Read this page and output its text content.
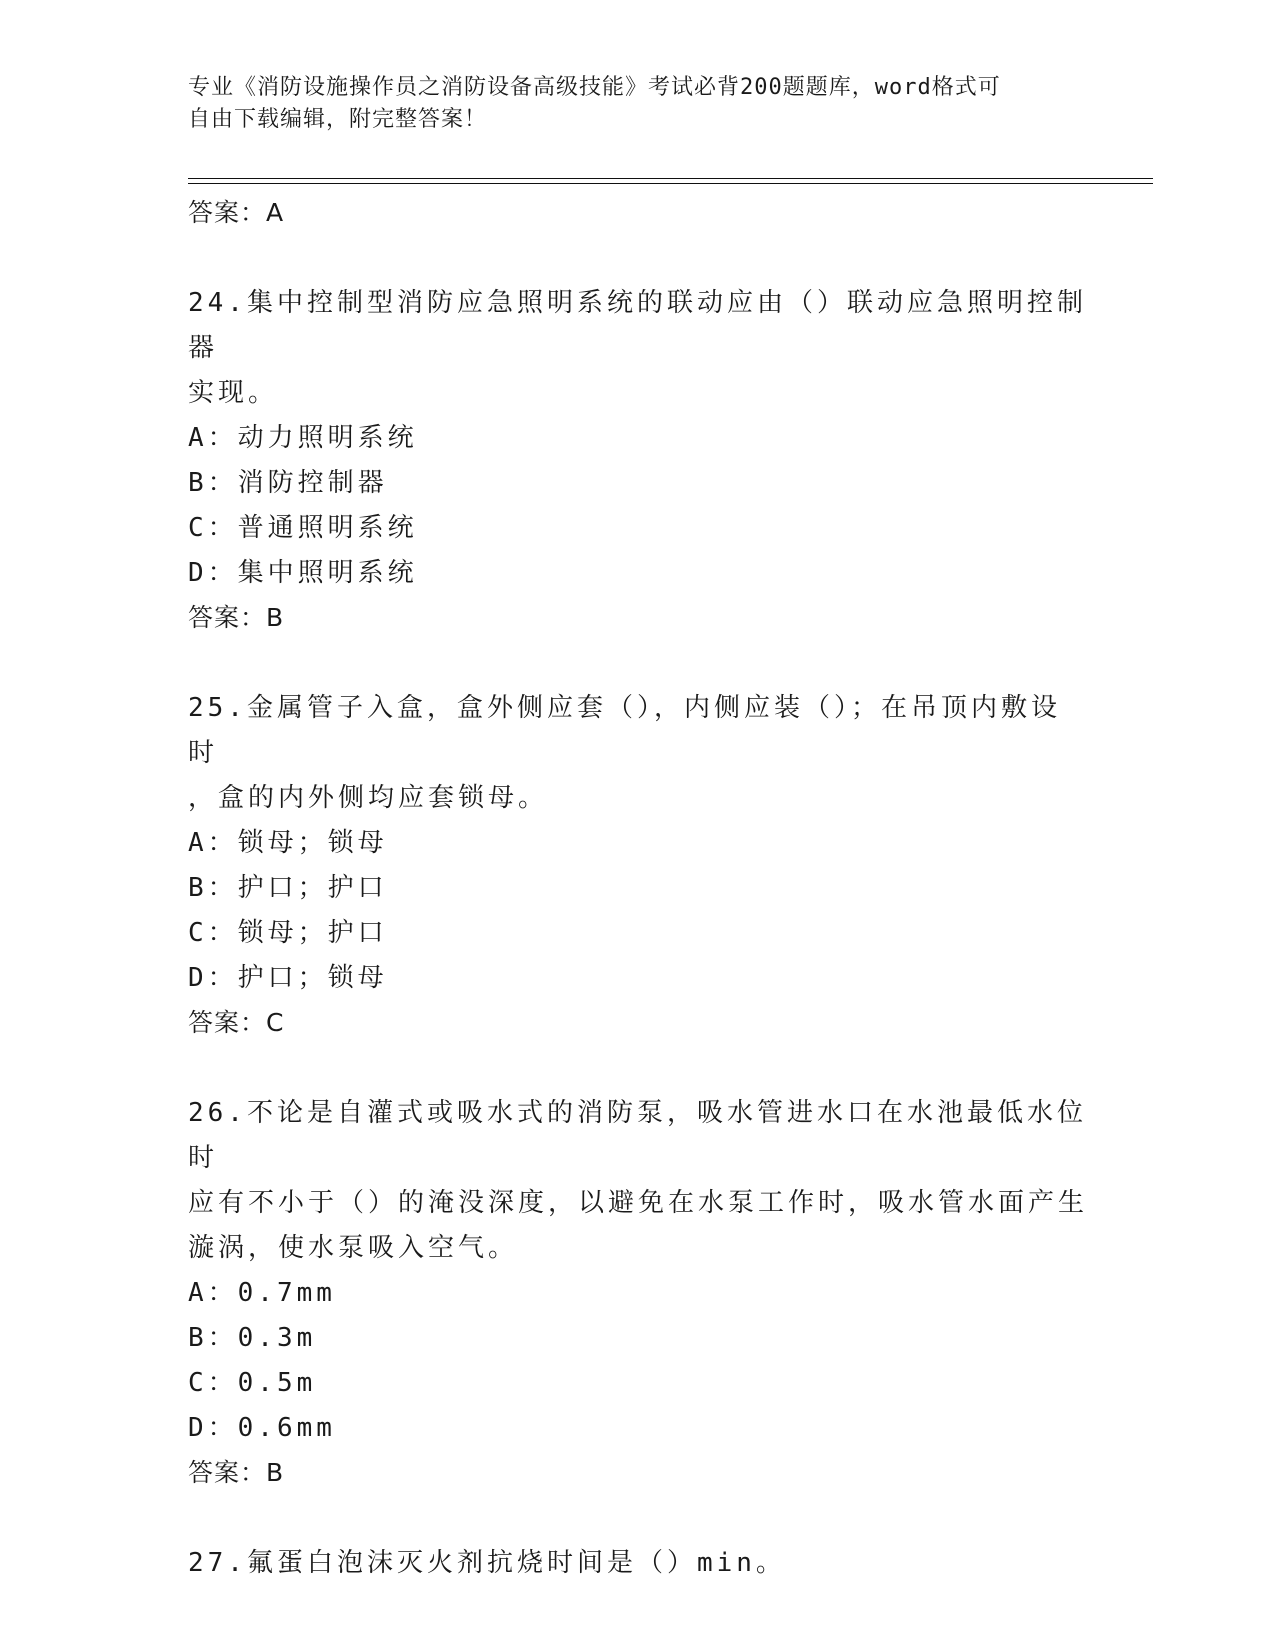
专业《消防设施操作员之消防设备高级技能》考试必背200题题库，word格式可
自由下载编辑，附完整答案！
答案：A
24.集中控制型消防应急照明系统的联动应由（）联动应急照明控制器
实现。
A：动力照明系统
B：消防控制器
C：普通照明系统
D：集中照明系统
答案：B
25.金属管子入盒，盒外侧应套（），内侧应装（）；在吊顶内敷设时
，盒的内外侧均应套锁母。
A：锁母；锁母
B：护口；护口
C：锁母；护口
D：护口；锁母
答案：C
26.不论是自灌式或吸水式的消防泵，吸水管进水口在水池最低水位时
应有不小于（）的淹没深度，以避免在水泵工作时，吸水管水面产生
漩涡，使水泵吸入空气。
A：0.7mm
B：0.3m
C：0.5m
D：0.6mm
答案：B
27.氟蛋白泡沫灭火剂抗烧时间是（）min。
